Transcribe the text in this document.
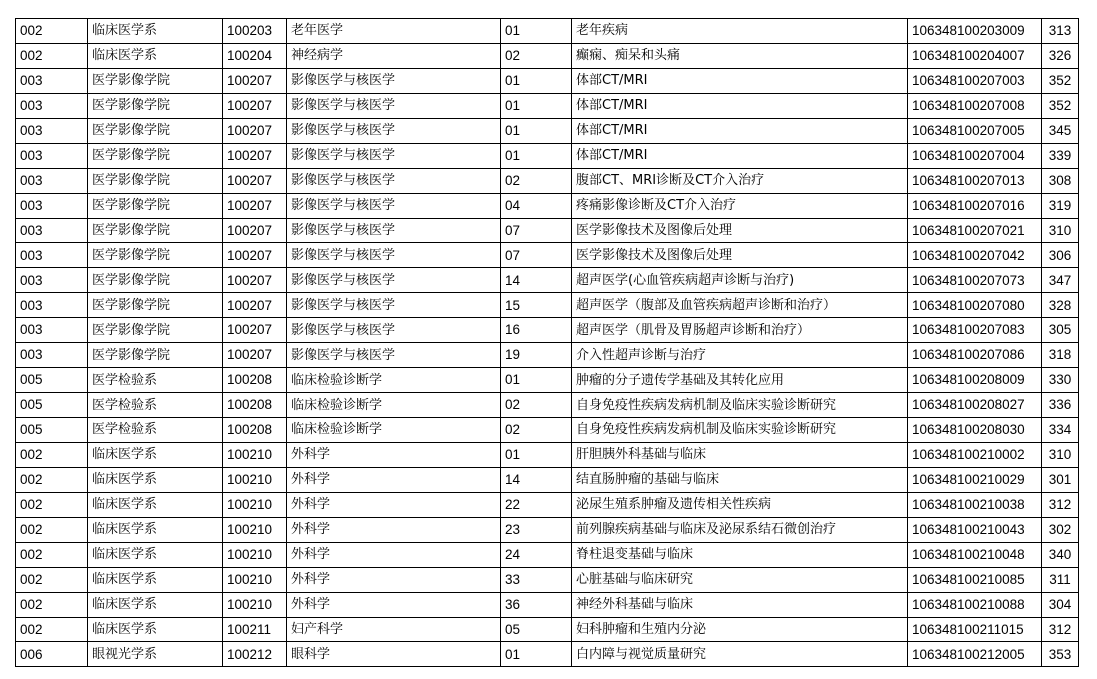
002	临床医学系	100203	老年医学	01	老年疾病	106348100203009	313
002	临床医学系	100204	神经病学	02	癫痫、痴呆和头痛	106348100204007	326
003	医学影像学院	100207	影像医学与核医学	01	体部CT/MRI	106348100207003	352
003	医学影像学院	100207	影像医学与核医学	01	体部CT/MRI	106348100207008	352
003	医学影像学院	100207	影像医学与核医学	01	体部CT/MRI	106348100207005	345
003	医学影像学院	100207	影像医学与核医学	01	体部CT/MRI	106348100207004	339
003	医学影像学院	100207	影像医学与核医学	02	腹部CT、MRI诊断及CT介入治疗	106348100207013	308
003	医学影像学院	100207	影像医学与核医学	04	疼痛影像诊断及CT介入治疗	106348100207016	319
003	医学影像学院	100207	影像医学与核医学	07	医学影像技术及图像后处理	106348100207021	310
003	医学影像学院	100207	影像医学与核医学	07	医学影像技术及图像后处理	106348100207042	306
003	医学影像学院	100207	影像医学与核医学	14	超声医学(心血管疾病超声诊断与治疗)	106348100207073	347
003	医学影像学院	100207	影像医学与核医学	15	超声医学（腹部及血管疾病超声诊断和治疗）	106348100207080	328
003	医学影像学院	100207	影像医学与核医学	16	超声医学（肌骨及胃肠超声诊断和治疗）	106348100207083	305
003	医学影像学院	100207	影像医学与核医学	19	介入性超声诊断与治疗	106348100207086	318
005	医学检验系	100208	临床检验诊断学	01	肿瘤的分子遗传学基础及其转化应用	106348100208009	330
005	医学检验系	100208	临床检验诊断学	02	自身免疫性疾病发病机制及临床实验诊断研究	106348100208027	336
005	医学检验系	100208	临床检验诊断学	02	自身免疫性疾病发病机制及临床实验诊断研究	106348100208030	334
002	临床医学系	100210	外科学	01	肝胆胰外科基础与临床	106348100210002	310
002	临床医学系	100210	外科学	14	结直肠肿瘤的基础与临床	106348100210029	301
002	临床医学系	100210	外科学	22	泌尿生殖系肿瘤及遗传相关性疾病	106348100210038	312
002	临床医学系	100210	外科学	23	前列腺疾病基础与临床及泌尿系结石微创治疗	106348100210043	302
002	临床医学系	100210	外科学	24	脊柱退变基础与临床	106348100210048	340
002	临床医学系	100210	外科学	33	心脏基础与临床研究	106348100210085	311
002	临床医学系	100210	外科学	36	神经外科基础与临床	106348100210088	304
002	临床医学系	100211	妇产科学	05	妇科肿瘤和生殖内分泌	106348100211015	312
006	眼视光学系	100212	眼科学	01	白内障与视觉质量研究	106348100212005	353
